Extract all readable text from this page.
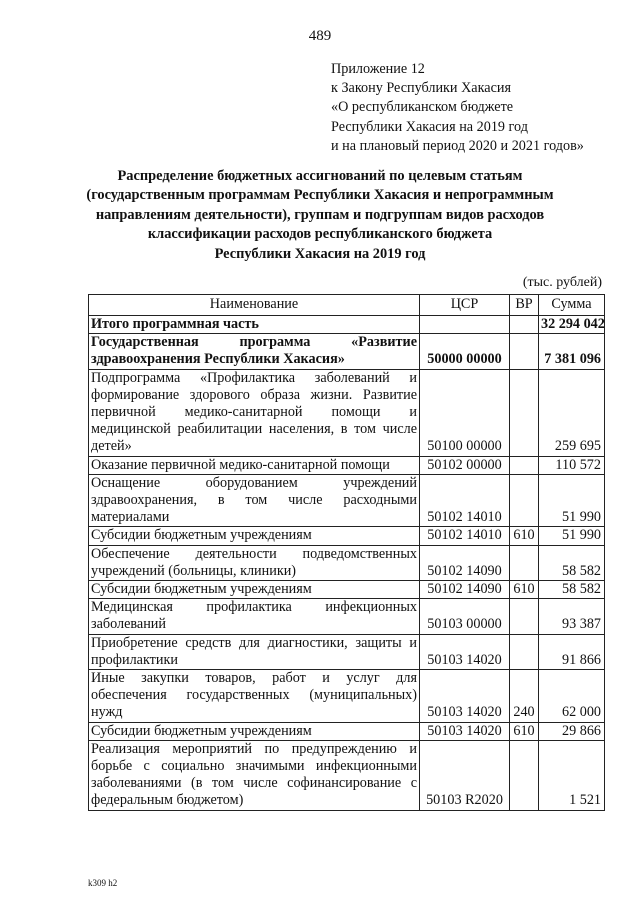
489
Приложение 12
к Закону Республики Хакасия
«О республиканском бюджете
Республики Хакасия на 2019 год
и на плановый период 2020 и 2021 годов»
Распределение бюджетных ассигнований по целевым статьям
(государственным программам Республики Хакасия и непрограммным
направлениям деятельности), группам и подгруппам видов расходов
классификации расходов республиканского бюджета
Республики Хакасия на 2019 год
(тыс. рублей)
Наименование	ЦСР	ВР	Сумма
Итого программная часть			32 294 042
Государственная программа «Развитие здравоохранения Республики Хакасия»	50000 00000		7 381 096
Подпрограмма «Профилактика заболеваний и формирование здорового образа жизни. Развитие первичной медико-санитарной помощи и медицинской реабилитации населения, в том числе детей»	50100 00000		259 695
Оказание первичной медико-санитарной помощи	50102 00000		110 572
Оснащение оборудованием учреждений здравоохранения, в том числе расходными материалами	50102 14010		51 990
Субсидии бюджетным учреждениям	50102 14010	610	51 990
Обеспечение деятельности подведомственных учреждений (больницы, клиники)	50102 14090		58 582
Субсидии бюджетным учреждениям	50102 14090	610	58 582
Медицинская профилактика инфекционных заболеваний	50103 00000		93 387
Приобретение средств для диагностики, защиты и профилактики	50103 14020		91 866
Иные закупки товаров, работ и услуг для обеспечения государственных (муниципальных) нужд	50103 14020	240	62 000
Субсидии бюджетным учреждениям	50103 14020	610	29 866
Реализация мероприятий по предупреждению и борьбе с социально значимыми инфекционными заболеваниями (в том числе софинансирование с федеральным бюджетом)	50103 R2020		1 521
k309 h2
